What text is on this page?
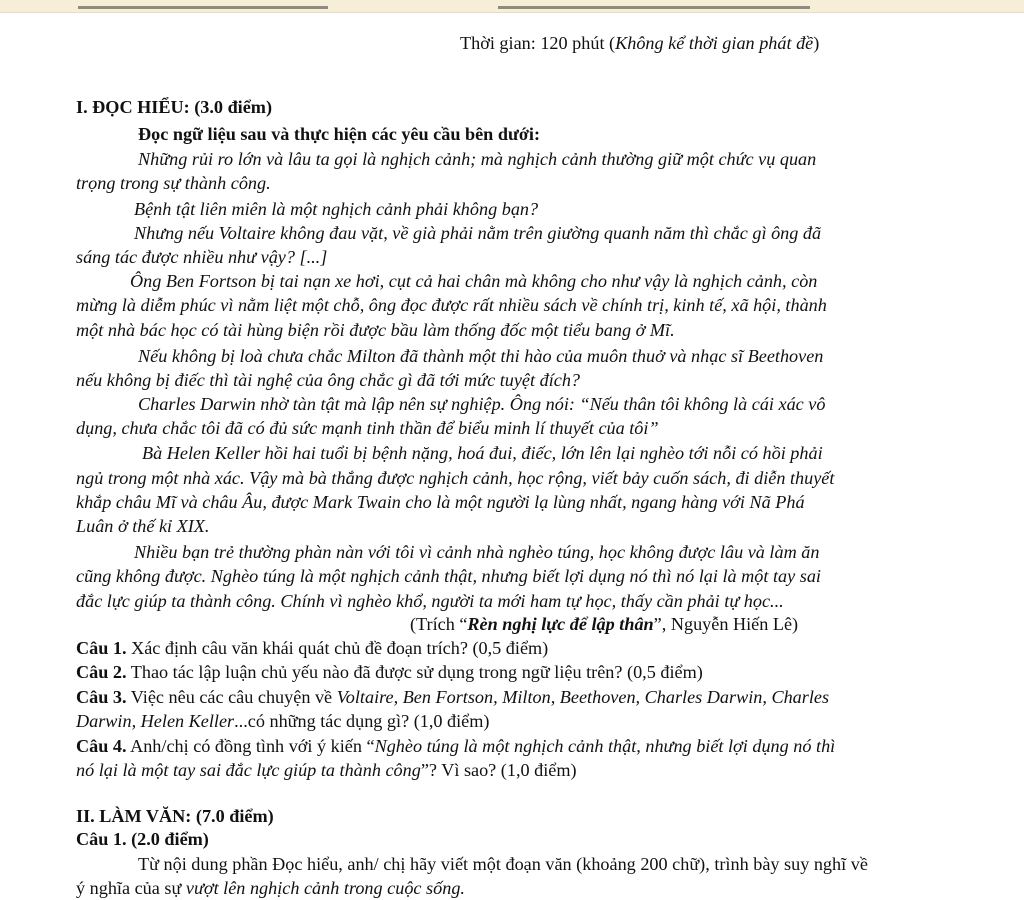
Thời gian: 120 phút (Không kể thời gian phát đề)
I. ĐỌC HIỂU: (3.0 điểm)
Đọc ngữ liệu sau và thực hiện các yêu cầu bên dưới:
Những rủi ro lớn và lâu ta gọi là nghịch cảnh; mà nghịch cảnh thường giữ một chức vụ quan
trọng trong sự thành công.
Bệnh tật liên miên là một nghịch cảnh phải không bạn?
Nhưng nếu Voltaire không đau vặt, về già phải nằm trên giường quanh năm thì chắc gì ông đã
sáng tác được nhiều như vậy? [...]
Ông Ben Fortson bị tai nạn xe hơi, cụt cả hai chân mà không cho như vậy là nghịch cảnh, còn
mừng là diễm phúc vì nằm liệt một chỗ, ông đọc được rất nhiều sách về chính trị, kinh tế, xã hội, thành
một nhà bác học có tài hùng biện rồi được bầu làm thống đốc một tiểu bang ở Mĩ.
Nếu không bị loà chưa chắc Milton đã thành một thi hào của muôn thuở và nhạc sĩ Beethoven
nếu không bị điếc thì tài nghệ của ông chắc gì đã tới mức tuyệt đích?
Charles Darwin nhờ tàn tật mà lập nên sự nghiệp. Ông nói: “Nếu thân tôi không là cái xác vô
dụng, chưa chắc tôi đã có đủ sức mạnh tinh thần để biểu minh lí thuyết của tôi”
Bà Helen Keller hồi hai tuổi bị bệnh nặng, hoá đui, điếc, lớn lên lại nghèo tới nỗi có hồi phải
ngủ trong một nhà xác. Vậy mà bà thắng được nghịch cảnh, học rộng, viết bảy cuốn sách, đi diễn thuyết
khắp châu Mĩ và châu Âu, được Mark Twain cho là một người lạ lùng nhất, ngang hàng với Nã Phá
Luân ở thế kỉ XIX.
Nhiều bạn trẻ thường phàn nàn với tôi vì cảnh nhà nghèo túng, học không được lâu và làm ăn
cũng không được. Nghèo túng là một nghịch cảnh thật, nhưng biết lợi dụng nó thì nó lại là một tay sai
đắc lực giúp ta thành công. Chính vì nghèo khổ, người ta mới ham tự học, thấy cần phải tự học...
(Trích “Rèn nghị lực để lập thân”, Nguyễn Hiến Lê)
Câu 1. Xác định câu văn khái quát chủ đề đoạn trích? (0,5 điểm)
Câu 2. Thao tác lập luận chủ yếu nào đã được sử dụng trong ngữ liệu trên? (0,5 điểm)
Câu 3. Việc nêu các câu chuyện về Voltaire, Ben Fortson, Milton, Beethoven, Charles Darwin, Charles
Darwin, Helen Keller...có những tác dụng gì? (1,0 điểm)
Câu 4. Anh/chị có đồng tình với ý kiến “Nghèo túng là một nghịch cảnh thật, nhưng biết lợi dụng nó thì
nó lại là một tay sai đắc lực giúp ta thành công”? Vì sao? (1,0 điểm)
II. LÀM VĂN: (7.0 điểm)
Câu 1. (2.0 điểm)
Từ nội dung phần Đọc hiểu, anh/ chị hãy viết một đoạn văn (khoảng 200 chữ), trình bày suy nghĩ về
ý nghĩa của sự vượt lên nghịch cảnh trong cuộc sống.
